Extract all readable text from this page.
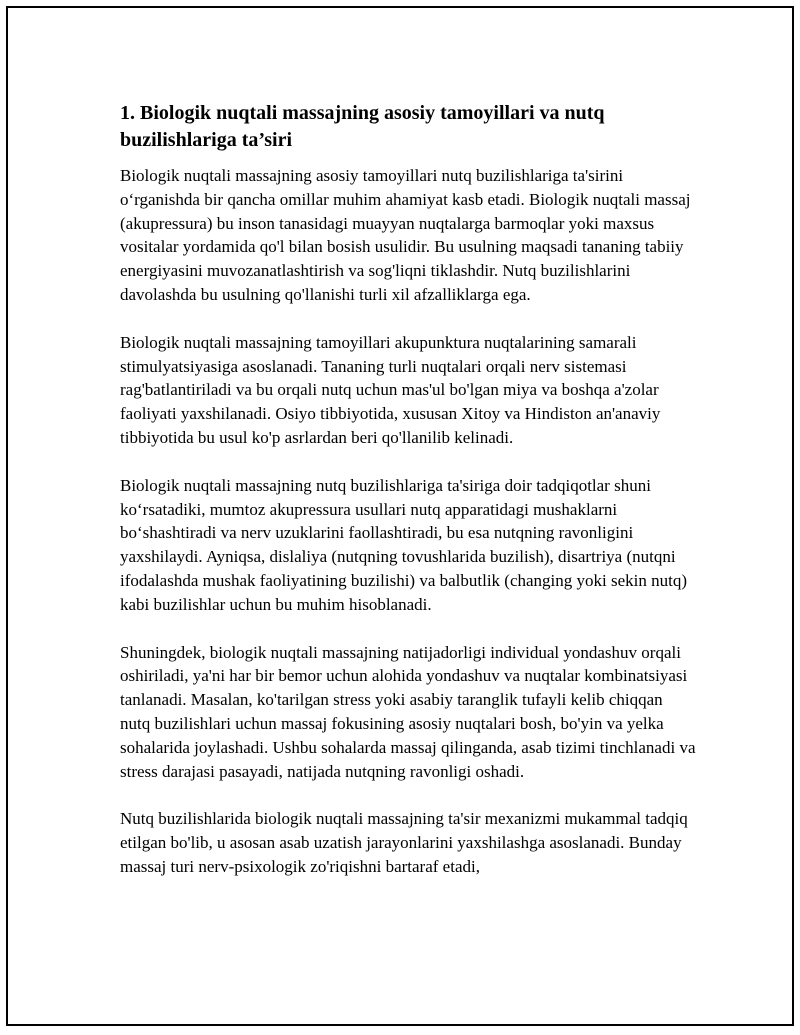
1. Biologik nuqtali massajning asosiy tamoyillari va nutq buzilishlariga ta’siri

Biologik nuqtali massajning asosiy tamoyillari nutq buzilishlariga ta'sirini o‘rganishda bir qancha omillar muhim ahamiyat kasb etadi. Biologik nuqtali massaj (akupressura) bu inson tanasidagi muayyan nuqtalarga barmoqlar yoki maxsus vositalar yordamida qo'l bilan bosish usulidir. Bu usulning maqsadi tananing tabiiy energiyasini muvozanatlashtirish va sog'liqni tiklashdir. Nutq buzilishlarini davolashda bu usulning qo'llanishi turli xil afzalliklarga ega.

Biologik nuqtali massajning tamoyillari akupunktura nuqtalarining samarali stimulyatsiyasiga asoslanadi. Tananing turli nuqtalari orqali nerv sistemasi rag'batlantiriladi va bu orqali nutq uchun mas'ul bo'lgan miya va boshqa a'zolar faoliyati yaxshilanadi. Osiyo tibbiyotida, xususan Xitoy va Hindiston an'anaviy tibbiyotida bu usul ko'p asrlardan beri qo'llanilib kelinadi.

Biologik nuqtali massajning nutq buzilishlariga ta'siriga doir tadqiqotlar shuni ko‘rsatadiki, mumtoz akupressura usullari nutq apparatidagi mushaklarni bo‘shashtiradi va nerv uzuklarini faollashtiradi, bu esa nutqning ravonligini yaxshilaydi. Ayniqsa, dislaliya (nutqning tovushlarida buzilish), disartriya (nutqni ifodalashda mushak faoliyatining buzilishi) va balbutlik (changing yoki sekin nutq) kabi buzilishlar uchun bu muhim hisoblanadi.

Shuningdek, biologik nuqtali massajning natijadorligi individual yondashuv orqali oshiriladi, ya'ni har bir bemor uchun alohida yondashuv va nuqtalar kombinatsiyasi tanlanadi. Masalan, ko'tarilgan stress yoki asabiy taranglik tufayli kelib chiqqan nutq buzilishlari uchun massaj fokusining asosiy nuqtalari bosh, bo'yin va yelka sohalarida joylashadi. Ushbu sohalarda massaj qilinganda, asab tizimi tinchlanadi va stress darajasi pasayadi, natijada nutqning ravonligi oshadi.

Nutq buzilishlarida biologik nuqtali massajning ta'sir mexanizmi mukammal tadqiq etilgan bo'lib, u asosan asab uzatish jarayonlarini yaxshilashga asoslanadi. Bunday massaj turi nerv-psixologik zo'riqishni bartaraf etadi,
